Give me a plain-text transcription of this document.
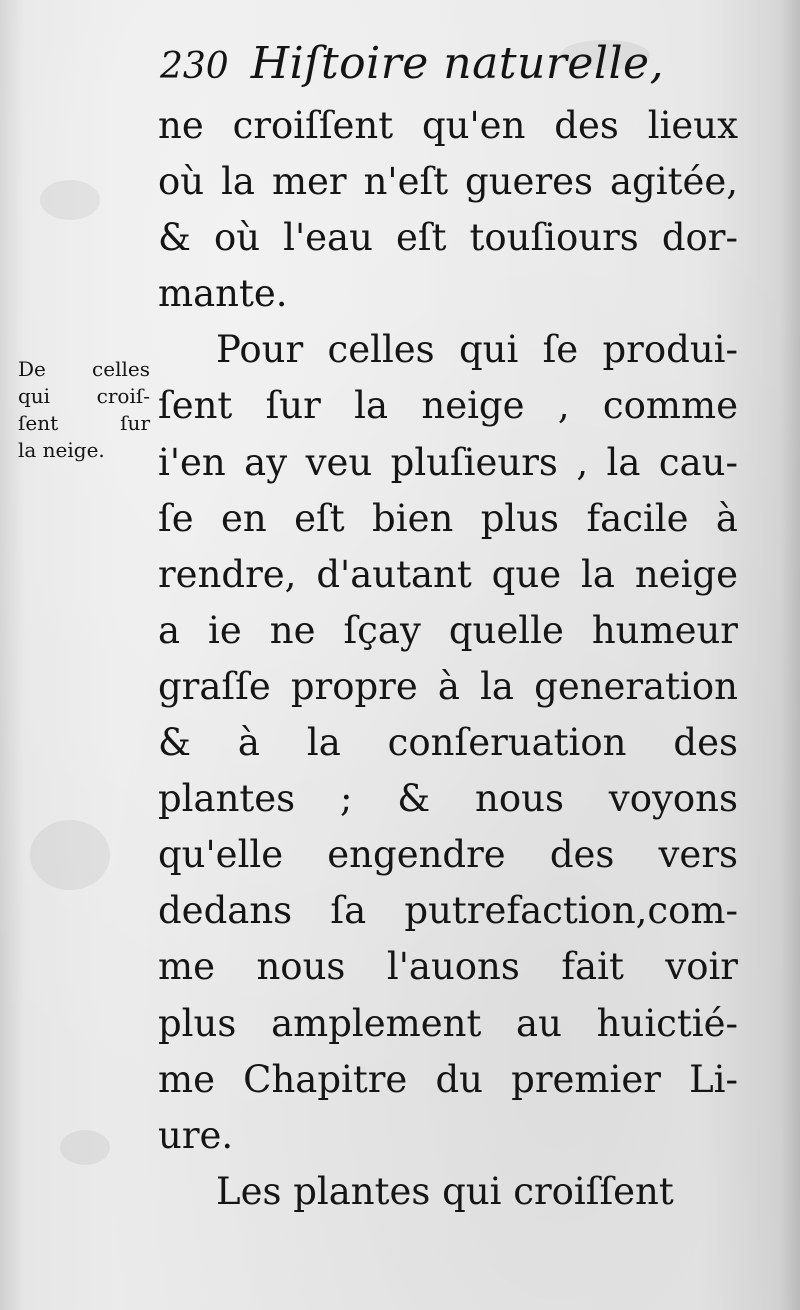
230 Hiſtoire naturelle,
De celles
qui croiſ-
ſent ſur
la neige.
ne croiſſent qu'en des lieux
où la mer n'eſt gueres agitée,
& où l'eau eſt touſiours dor-
mante.
Pour celles qui ſe produi-
ſent ſur la neige , comme
i'en ay veu pluſieurs , la cau-
ſe en eſt bien plus facile à
rendre, d'autant que la neige
a ie ne ſçay quelle humeur
graſſe propre à la generation
& à la conſeruation des
plantes ; & nous voyons
qu'elle engendre des vers
dedans ſa putrefaction,com-
me nous l'auons fait voir
plus amplement au huictié-
me Chapitre du premier Li-
ure.
Les plantes qui croiſſent
